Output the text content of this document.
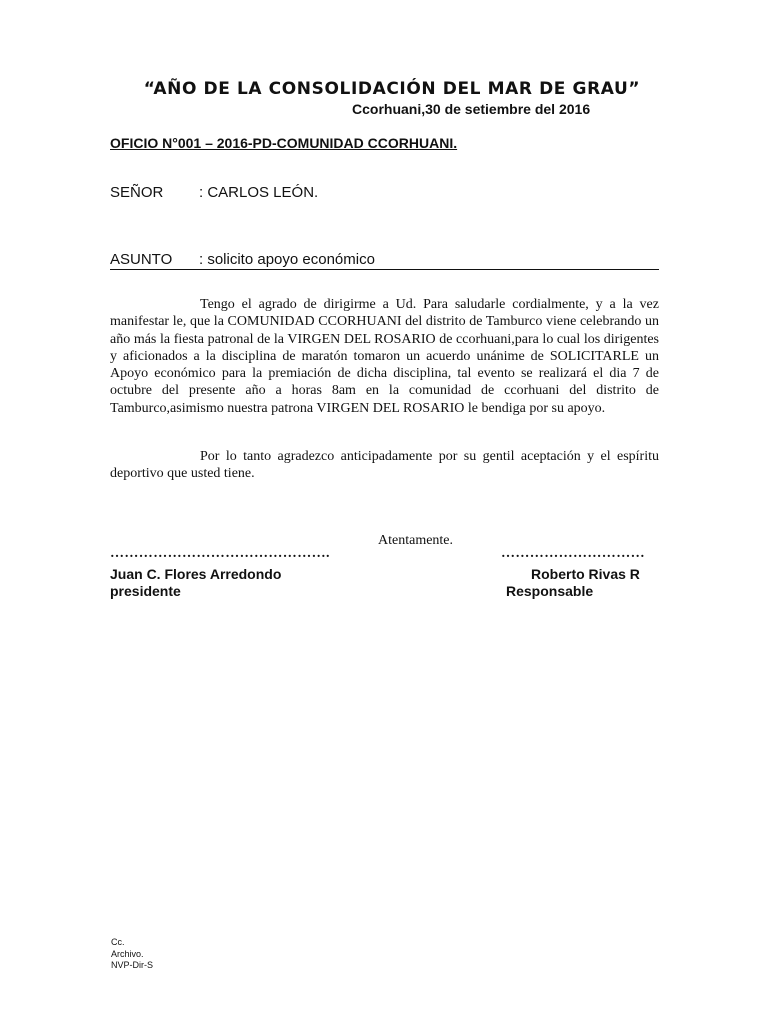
“AÑO DE LA CONSOLIDACIÓN DEL MAR DE GRAU”
Ccorhuani,30 de setiembre del 2016
OFICIO N°001 – 2016-PD-COMUNIDAD CCORHUANI.
SEÑOR : CARLOS LEÓN.
ASUNTO : solicito apoyo económico

Tengo el agrado de dirigirme a Ud. Para saludarle cordialmente, y a la vez manifestar le, que la COMUNIDAD CCORHUANI del distrito de Tamburco viene celebrando un año más la fiesta patronal de la VIRGEN DEL ROSARIO de ccorhuani,para lo cual los dirigentes y aficionados a la disciplina de maratón tomaron un acuerdo unánime de SOLICITARLE un Apoyo económico para la premiación de dicha disciplina, tal evento se realizará el dia 7 de octubre del presente año a horas 8am en la comunidad de ccorhuani del distrito de Tamburco,asimismo nuestra patrona VIRGEN DEL ROSARIO le bendiga por su apoyo.

Por lo tanto agradezco anticipadamente por su gentil aceptación y el espíritu deportivo que usted tiene.

Atentamente.
……………………………………….	…………………………
Juan C. Flores Arredondo
presidente
Roberto Rivas R
Responsable
Cc.
Archivo.
NVP-Dir-S
